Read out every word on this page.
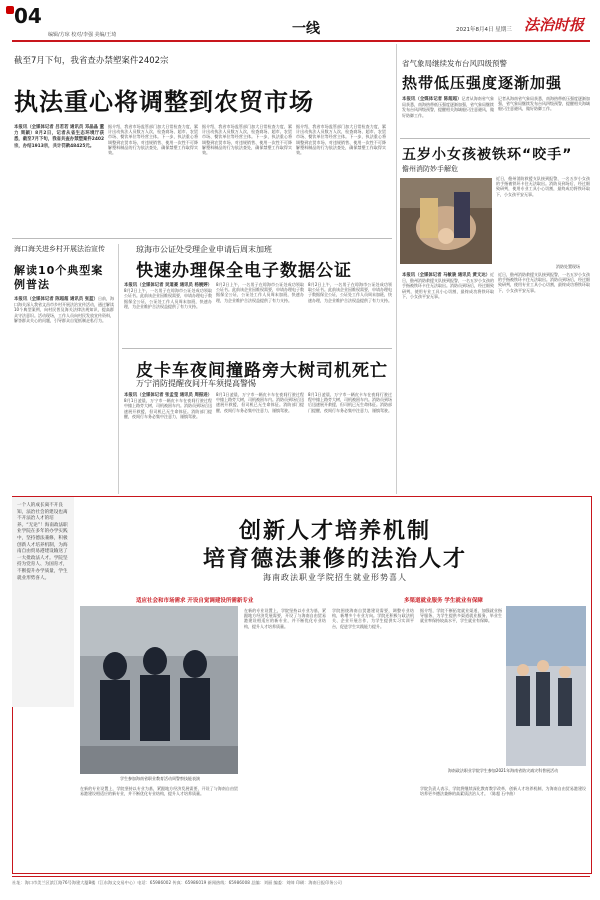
04
编辑/方琼 校对/李强 美编/王琦	一线	2021年8月4日 星期三 法治时报
截至7月下旬，我省查办禁塑案件2402宗
执法重心将调整到农贸市场
本报讯（全媒体记者 吕若若 通讯员 邓晶晶 董力 周颖）8月2日，记者从省生态环境厅获悉，截至7月下旬，我省共查办禁塑案件2402宗，办结1913宗，共计罚款48425元。
据介绍，我省市场监管部门加大日常检查力度，累计出动执法人员数万人次，检查商场、超市、农贸市场、餐饮单位等经营主体。下一步，执法重心将调整到农贸市场，对违规销售、使用一次性不可降解塑料制品的行为依法查处，确保禁塑工作取得实效。
据介绍，我省市场监管部门加大日常检查力度，累计出动执法人员数万人次，检查商场、超市、农贸市场、餐饮单位等经营主体。下一步，执法重心将调整到农贸市场，对违规销售、使用一次性不可降解塑料制品的行为依法查处，确保禁塑工作取得实效。
据介绍，我省市场监管部门加大日常检查力度，累计出动执法人员数万人次，检查商场、超市、农贸市场、餐饮单位等经营主体。下一步，执法重心将调整到农贸市场，对违规销售、使用一次性不可降解塑料制品的行为依法查处，确保禁塑工作取得实效。
海口海关进乡村开展法治宣传
解读10个典型案例普法
本报讯（全媒体记者 陈超超 通讯员 张蓝）日前，海口海关深入我省文昌市乡村开展法治宣传活动，通过解读10个典型案例，向村民普及海关法律法规知识，提高群众守法意识。活动现场，工作人员向村民发放宣传资料，解答群众关心的问题，引导群众自觉抵制走私行为。
琼海市公证处受理企业申请后周末加班
快速办理保全电子数据公证
本报讯（全媒体记者 吴道豪 通讯员 杨婉婷）8月2日上午，一名男子在琼海市公证处成功领取公证书。此前该企业因维权需要，申请办理电子数据保全公证，公证处工作人员周末加班，快速办理，为企业维护合法权益提供了有力支持。
8月2日上午，一名男子在琼海市公证处成功领取公证书。此前该企业因维权需要，申请办理电子数据保全公证，公证处工作人员周末加班，快速办理，为企业维护合法权益提供了有力支持。
8月2日上午，一名男子在琼海市公证处成功领取公证书。此前该企业因维权需要，申请办理电子数据保全公证，公证处工作人员周末加班，快速办理，为企业维护合法权益提供了有力支持。
皮卡车夜间撞路旁大树司机死亡
万宁消防提醒夜间开车须提高警惕
本报讯（全媒体记者 张孟莹 通讯员 周振进）8月1日凌晨，万宁市一辆皮卡车在夜间行驶过程中撞上路旁大树，司机被困车内。消防员到场后迅速展开救援，但司机已无生命体征。消防部门提醒，夜间行车务必集中注意力，谨慎驾驶。
8月1日凌晨，万宁市一辆皮卡车在夜间行驶过程中撞上路旁大树，司机被困车内。消防员到场后迅速展开救援，但司机已无生命体征。消防部门提醒，夜间行车务必集中注意力，谨慎驾驶。
8月1日凌晨，万宁市一辆皮卡车在夜间行驶过程中撞上路旁大树，司机被困车内。消防员到场后迅速展开救援，但司机已无生命体征。消防部门提醒，夜间行车务必集中注意力，谨慎驾驶。
省气象局继续发布台风四级预警
热带低压强度逐渐加强
本报讯（全媒体记者 陈超超）记者从海南省气象局获悉，南海热带低压强度逐渐加强，省气象局继续发布台风四级预警，提醒相关海域船只注意避风，做好防御工作。
记者从海南省气象局获悉，南海热带低压强度逐渐加强，省气象局继续发布台风四级预警，提醒相关海域船只注意避风，做好防御工作。
五岁小女孩被铁环“咬手”
儋州消防妙手解危
近日，儋州消防救援支队接到报警，一名五岁小女孩的手指被铁环卡住无法取出。消防员到场后，经过细致研判，使用专业工具小心切割，最终成功将铁环取下，小女孩平安无事。
消防处置现场
本报讯（全媒体记者 马敏骏 通讯员 黄文达）近日，儋州消防救援支队接到报警，一名五岁小女孩的手指被铁环卡住无法取出。消防员到场后，经过细致研判，使用专业工具小心切割，最终成功将铁环取下，小女孩平安无事。
近日，儋州消防救援支队接到报警，一名五岁小女孩的手指被铁环卡住无法取出。消防员到场后，经过细致研判，使用专业工具小心切割，最终成功将铁环取下，小女孩平安无事。
一个人的成长离不开良知，法治社会的建设也离不开法治人才的培养。“无论”！海南政法职业学院在多年的办学实践中，坚持德法兼修，积极创新人才培养机制，为海南自由贸易港建设输送了一大批政法人才。学院坚持为党育人、为国育才，不断提升办学质量，学生就业形势喜人。
创新人才培养机制
培育德法兼修的法治人才
海南政法职业学院招生就业形势喜人
适应社会和市场需求 开设自觉调建设所需新专业	多渠道就业服务 学生就业有保障
学生参加海南省职业教育活动周警察技能表演
在新的专业设置上，学院坚持以专业为基，紧跟地方经济发展需要，开设了与海南自由贸易港建设相适应的新专业，并不断优化专业结构，提升人才培养质量。
在新的专业设置上，学院坚持以专业为基，紧跟地方经济发展需要，开设了与海南自由贸易港建设相适应的新专业，并不断优化专业结构，提升人才培养质量。
学院围绕海南自贸港建设需要，调整专业结构，新增多个专业方向。学院还积极与政法机关、企业开展合作，为学生提供实习实训平台，促进学生实践能力提升。
据介绍，学院不断拓宽就业渠道，加强就业指导服务，为学生提供多渠道就业服务，毕业生就业率保持较高水平，学生就业有保障。
海南政法职业学院学生参加2021年海南省防灾减灾科普展活动
学院负责人表示，学院将继续深化教育教学改革，创新人才培养机制，为海南自由贸易港建设培养更多德法兼修的高素质法治人才。（陈超 石中曲）
社址：海口市美兰区滨江路76号海建大厦8楼（江东海文交易中心）电话：65986002 传真：65986019 新闻热线：65986008 总编：刘丽 编委：刘帅 印刷：海南日报印务公司
